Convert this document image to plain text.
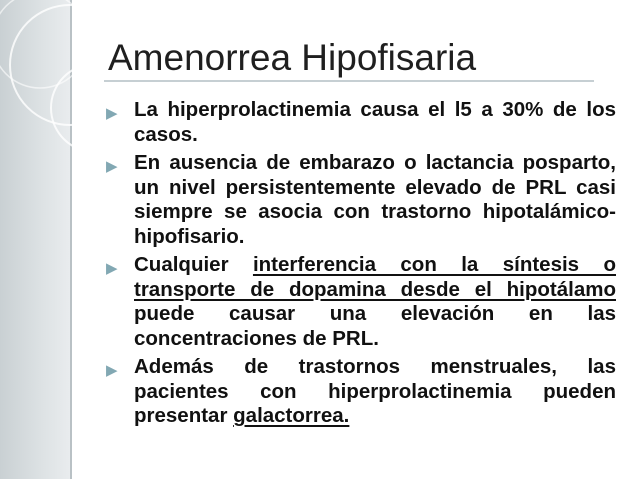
Amenorrea Hipofisaria
▶ La hiperprolactinemia causa el l5 a 30% de los casos.
▶ En ausencia de embarazo o lactancia posparto, un nivel persistentemente elevado de PRL casi siempre se asocia con trastorno hipotalámico-hipofisario.
▶ Cualquier interferencia con la síntesis o transporte de dopamina desde el hipotálamo puede causar una elevación en las concentraciones de PRL.
▶ Además de trastornos menstruales, las pacientes con hiperprolactinemia pueden presentar galactorrea.
